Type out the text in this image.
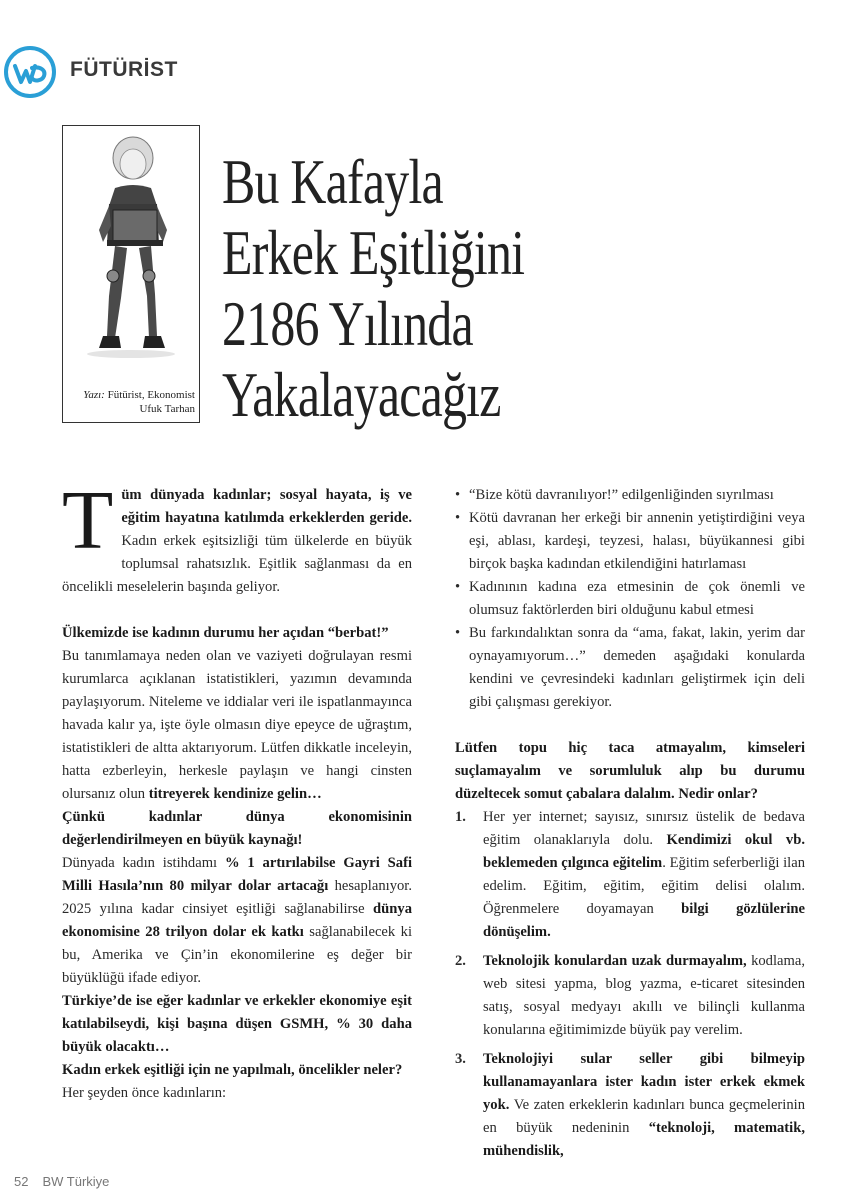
FÜTÜRİST
Yazı: Fütürist, Ekonomist
Ufuk Tarhan
Bu Kafayla
Erkek Eşitliğini
2186 Yılında
Yakalayacağız

Tüm dünyada kadınlar; sosyal hayata, iş ve eğitim hayatına katılımda erkeklerden geride. Kadın erkek eşitsizliği tüm ülkelerde en büyük toplumsal rahatsızlık. Eşitlik sağlanması da en öncelikli meselelerin başında geliyor.

Ülkemizde ise kadının durumu her açıdan “berbat!”
Bu tanımlamaya neden olan ve vaziyeti doğrulayan resmi kurumlarca açıklanan istatistikleri, yazımın devamında paylaşıyorum. Niteleme ve iddialar veri ile ispatlanmayınca havada kalır ya, işte öyle olmasın diye epeyce de uğraştım, istatistikleri de altta aktarıyorum. Lütfen dikkatle inceleyin, hatta ezberleyin, herkesle paylaşın ve hangi cinsten olursanız olun titreyerek kendinize gelin…

Çünkü kadınlar dünya ekonomisinin değerlendirilmeyen en büyük kaynağı!

Dünyada kadın istihdamı % 1 artırılabilse Gayri Safi Milli Hasıla’nın 80 milyar dolar artacağı hesaplanıyor. 2025 yılına kadar cinsiyet eşitliği sağlanabilirse dünya ekonomisine 28 trilyon dolar ek katkı sağlanabilecek ki bu, Amerika ve Çin’in ekonomilerine eş değer bir büyüklüğü ifade ediyor.

Türkiye’de ise eğer kadınlar ve erkekler ekonomiye eşit katılabilseydi, kişi başına düşen GSMH, % 30 daha büyük olacaktı…

Kadın erkek eşitliği için ne yapılmalı, öncelikler neler?
Her şeyden önce kadınların:

• “Bize kötü davranılıyor!” edilgenliğinden sıyrılması
• Kötü davranan her erkeği bir annenin yetiştirdiğini veya eşi, ablası, kardeşi, teyzesi, halası, büyükannesi gibi birçok başka kadından etkilendiğini hatırlaması
• Kadınının kadına eza etmesinin de çok önemli ve olumsuz faktörlerden biri olduğunu kabul etmesi
• Bu farkındalıktan sonra da “ama, fakat, lakin, yerim dar oynayamıyorum…” demeden aşağıdaki konularda kendini ve çevresindeki kadınları geliştirmek için deli gibi çalışması gerekiyor.

Lütfen topu hiç taca atmayalım, kimseleri suçlamayalım ve sorumluluk alıp bu durumu düzeltecek somut çabalara dalalım. Nedir onlar?

1. Her yer internet; sayısız, sınırsız üstelik de bedava eğitim olanaklarıyla dolu. Kendimizi okul vb. beklemeden çılgınca eğitelim. Eğitim seferberliği ilan edelim. Eğitim, eğitim, eğitim delisi olalım. Öğrenmelere doyamayan bilgi gözlülerine dönüşelim.
2. Teknolojik konulardan uzak durmayalım, kodlama, web sitesi yapma, blog yazma, e-ticaret sitesinden satış, sosyal medyayı akıllı ve bilinçli kullanma konularına eğitimimizde büyük pay verelim.
3. Teknolojiyi sular seller gibi bilmeyip kullanamayanlara ister kadın ister erkek ekmek yok. Ve zaten erkeklerin kadınları bunca geçmelerinin en büyük nedeninin “teknoloji, matematik, mühendislik,
52 BW Türkiye
